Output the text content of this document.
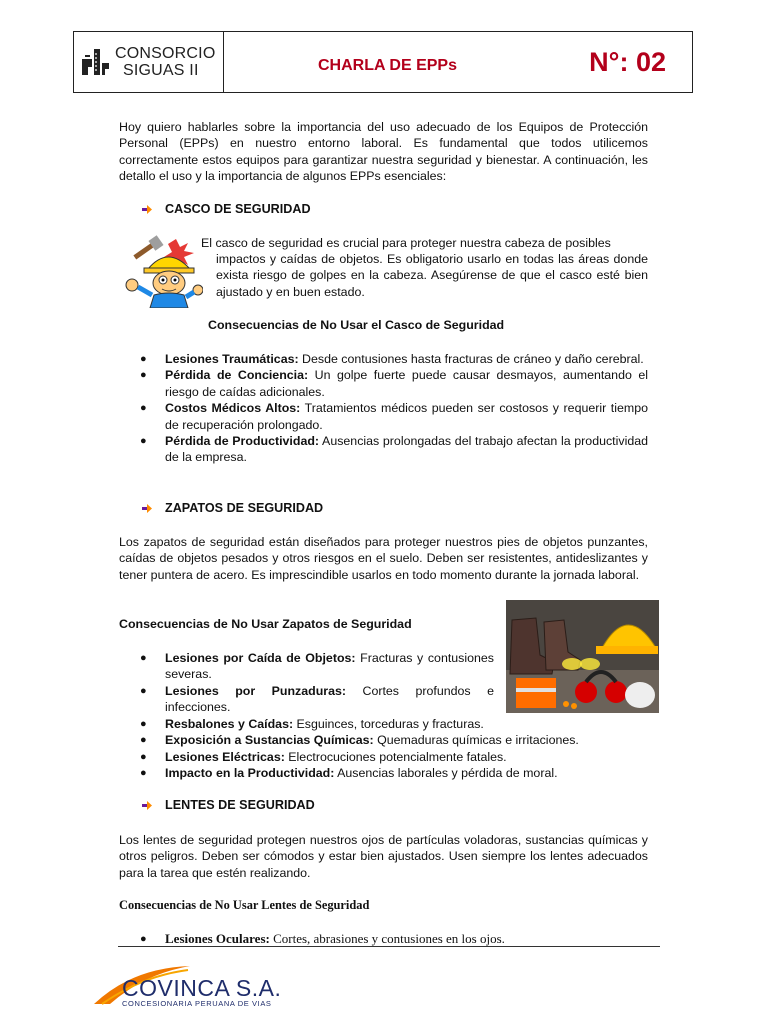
CONSORCIO
SIGUAS II	CHARLA DE EPPs	N°: 02
Hoy quiero hablarles sobre la importancia del uso adecuado de los Equipos de Protección Personal (EPPs) en nuestro entorno laboral. Es fundamental que todos utilicemos correctamente estos equipos para garantizar nuestra seguridad y bienestar. A continuación, les detallo el uso y la importancia de algunos EPPs esenciales:
CASCO DE SEGURIDAD
El casco de seguridad es crucial para proteger nuestra cabeza de posibles
impactos y caídas de objetos. Es obligatorio usarlo en todas las áreas donde exista riesgo de golpes en la cabeza. Asegúrense de que el casco esté bien ajustado y en buen estado.
Consecuencias de No Usar el Casco de Seguridad
● Lesiones Traumáticas: Desde contusiones hasta fracturas de cráneo y daño cerebral.
● Pérdida de Conciencia: Un golpe fuerte puede causar desmayos, aumentando el riesgo de caídas adicionales.
● Costos Médicos Altos: Tratamientos médicos pueden ser costosos y requerir tiempo de recuperación prolongado.
● Pérdida de Productividad: Ausencias prolongadas del trabajo afectan la productividad de la empresa.
ZAPATOS DE SEGURIDAD
Los zapatos de seguridad están diseñados para proteger nuestros pies de objetos punzantes, caídas de objetos pesados y otros riesgos en el suelo. Deben ser resistentes, antideslizantes y tener puntera de acero. Es imprescindible usarlos en todo momento durante la jornada laboral.
Consecuencias de No Usar Zapatos de Seguridad
● Lesiones por Caída de Objetos: Fracturas y contusiones severas.
● Lesiones por Punzaduras: Cortes profundos e infecciones.
● Resbalones y Caídas: Esguinces, torceduras y fracturas.
● Exposición a Sustancias Químicas: Quemaduras químicas e irritaciones.
● Lesiones Eléctricas: Electrocuciones potencialmente fatales.
● Impacto en la Productividad: Ausencias laborales y pérdida de moral.
LENTES DE SEGURIDAD
Los lentes de seguridad protegen nuestros ojos de partículas voladoras, sustancias químicas y otros peligros. Deben ser cómodos y estar bien ajustados. Usen siempre los lentes adecuados para la tarea que estén realizando.
Consecuencias de No Usar Lentes de Seguridad
● Lesiones Oculares: Cortes, abrasiones y contusiones en los ojos.
COVINCA S.A.
CONCESIONARIA PERUANA DE VIAS
